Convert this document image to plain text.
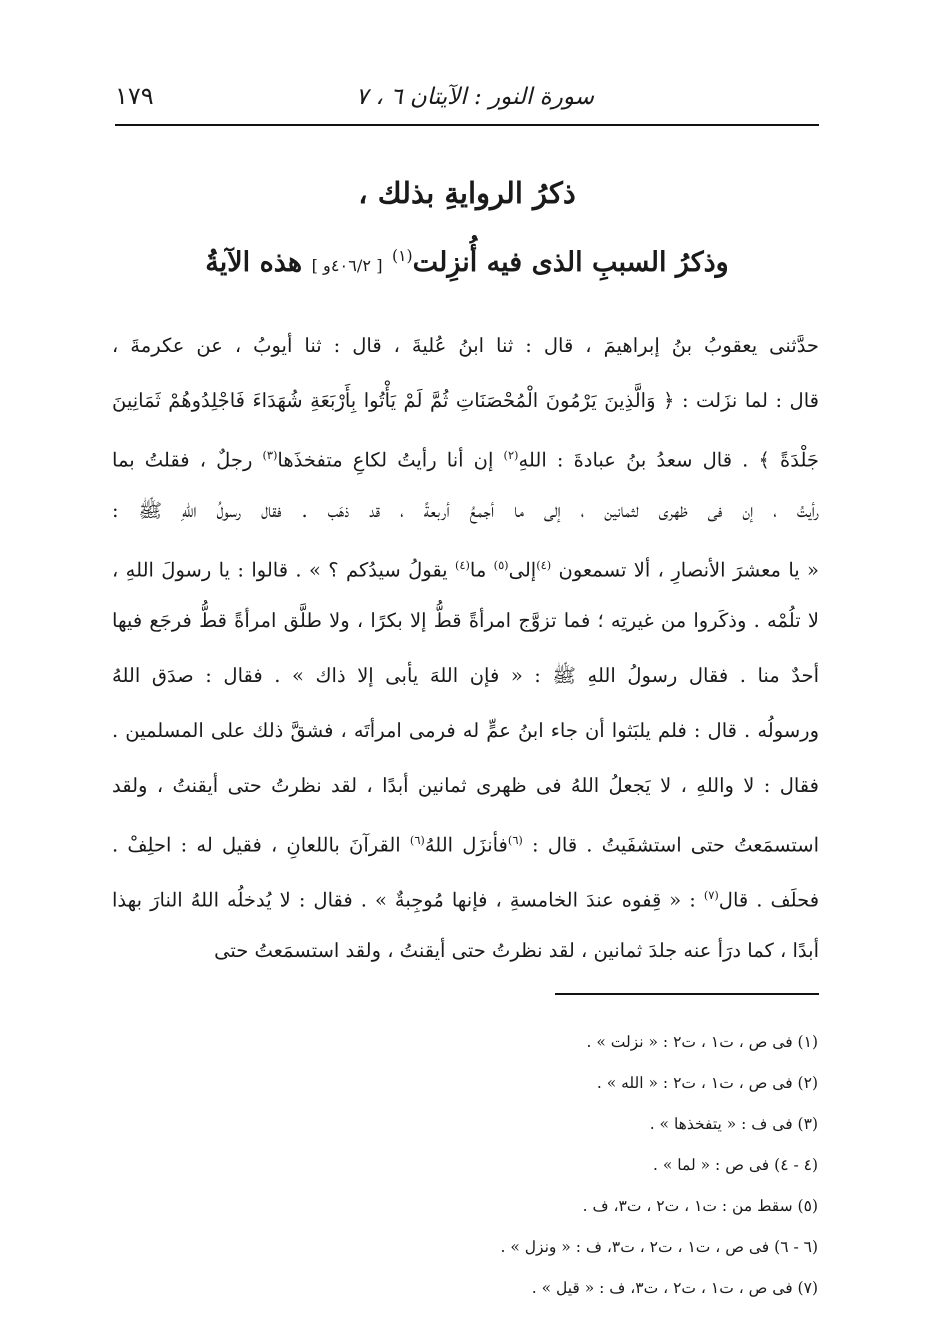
سورة النور : الآيتان ٦ ، ٧
١٧٩
ذكرُ الروايةِ بذلك ،
وذكرُ السببِ الذى فيه أُنزِلت$^{(١)}$ [ ٤٠٦/٢و ] هذه الآيةُ
حدَّثنى يعقوبُ بنُ إبراهيمَ ، قال : ثنا ابنُ عُليةَ ، قال : ثنا أيوبُ ، عن عكرمةَ ،
قال : لما نزَلت : ﴿ وَالَّذِينَ يَرْمُونَ الْمُحْصَنَاتِ ثُمَّ لَمْ يَأْتُوا بِأَرْبَعَةِ شُهَدَاءَ فَاجْلِدُوهُمْ ثَمَانِينَ
جَلْدَةً ﴾ . قال سعدُ بنُ عبادةَ : اللهِ$^{(٢)}$ إن أنا رأيتُ لكاعِ متفخذَها$^{(٣)}$ رجلٌ ، فقلتُ بما
رأيتُ ، إن فى ظهرى لثمانين ، إلى ما أجمعُ أربعةً ، قد ذهَب . فقال رسولُ اللهِ ﷺ :
« يا معشرَ الأنصارِ ، ألا تسمعون $^{(٤)}$إلى$^{(٥)}$ ما$^{(٤)}$ يقولُ سيدُكم ؟ » . قالوا : يا رسولَ اللهِ ،
لا تلُمْه . وذكَروا من غيرتِه ؛ فما تزوَّج امرأةً قطُّ إلا بكرًا ، ولا طلَّق امرأةً قطُّ فرجَع فيها
أحدٌ منا . فقال رسولُ اللهِ ﷺ : « فإن اللهَ يأبى إلا ذاك » . فقال : صدَق اللهُ
ورسولُه . قال : فلم يلبَثوا أن جاء ابنُ عمٍّ له فرمى امرأتَه ، فشقَّ ذلك على المسلمين .
فقال : لا واللهِ ، لا يَجعلُ اللهُ فى ظهرى ثمانين أبدًا ، لقد نظرتُ حتى أيقنتُ ، ولقد
استسمَعتُ حتى استشفَيتُ . قال : $^{(٦)}$فأنزَل اللهُ$^{(٦)}$ القرآنَ باللعانِ ، فقيل له : احلِفْ .
فحلَف . قال$^{(٧)}$ : « قِفوه عندَ الخامسةِ ، فإنها مُوجِبةٌ » . فقال : لا يُدخلُه اللهُ النارَ بهذا
أبدًا ، كما درَأ عنه جلدَ ثمانين ، لقد نظرتُ حتى أيقنتُ ، ولقد استسمَعتُ حتى
(١) فى ص ، ت١ ، ت٢ : « نزلت » .
(٢) فى ص ، ت١ ، ت٢ : « الله » .
(٣) فى ف : « يتفخذها » .
(٤ - ٤) فى ص : « لما » .
(٥) سقط من : ت١ ، ت٢ ، ت٣، ف .
(٦ - ٦) فى ص ، ت١ ، ت٢ ، ت٣، ف : « ونزل » .
(٧) فى ص ، ت١ ، ت٢ ، ت٣، ف : « قيل » .
